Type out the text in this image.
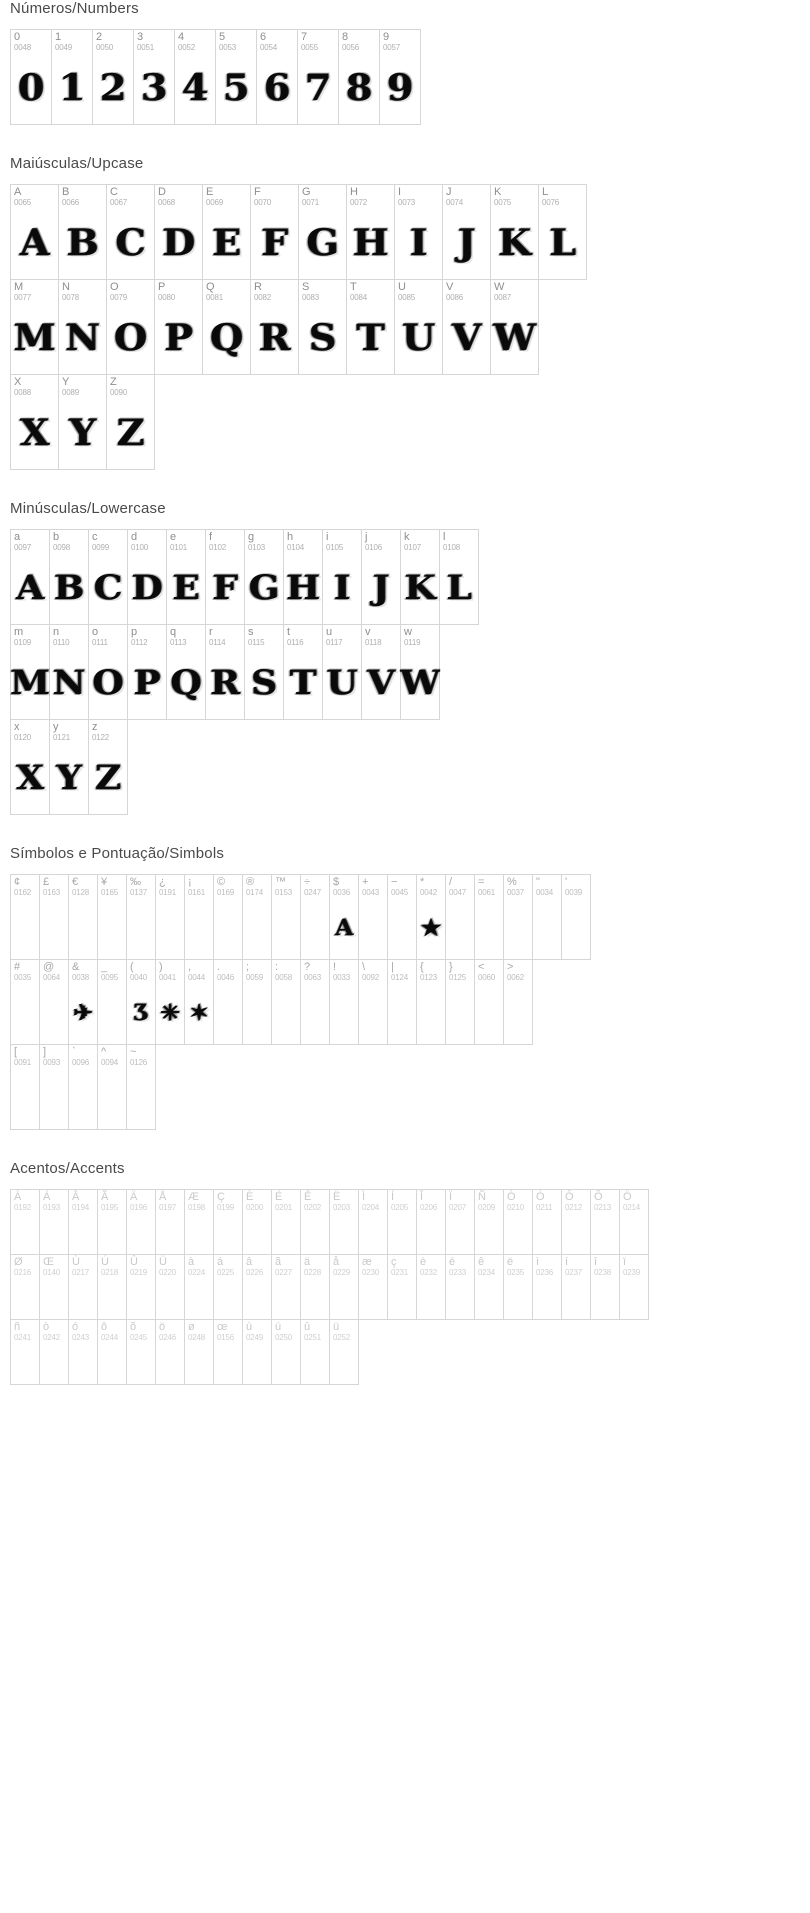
Números/Numbers
0
0048
0
1
0049
1
2
0050
2
3
0051
3
4
0052
4
5
0053
5
6
0054
6
7
0055
7
8
0056
8
9
0057
9
Maiúsculas/Upcase
A
0065
A
B
0066
B
C
0067
C
D
0068
D
E
0069
E
F
0070
F
G
0071
G
H
0072
H
I
0073
I
J
0074
J
K
0075
K
L
0076
L
M
0077
M
N
0078
N
O
0079
O
P
0080
P
Q
0081
Q
R
0082
R
S
0083
S
T
0084
T
U
0085
U
V
0086
V
W
0087
W
X
0088
X
Y
0089
Y
Z
0090
Z
Minúsculas/Lowercase
a
0097
A
b
0098
B
c
0099
C
d
0100
D
e
0101
E
f
0102
F
g
0103
G
h
0104
H
i
0105
I
j
0106
J
k
0107
K
l
0108
L
m
0109
M
n
0110
N
o
0111
O
p
0112
P
q
0113
Q
r
0114
R
s
0115
S
t
0116
T
u
0117
U
v
0118
V
w
0119
W
x
0120
X
y
0121
Y
z
0122
Z
Símbolos e Pontuação/Simbols
¢
0162
£
0163
€
0128
¥
0165
‰
0137
¿
0191
¡
0161
©
0169
®
0174
™
0153
÷
0247
$
0036
A
+
0043
−
0045
*
0042
★
/
0047
=
0061
%
0037
"
0034
'
0039
#
0035
@
0064
&
0038
✈
_
0095
(
0040
Ʒ
)
0041
✳
,
0044
✶
.
0046
;
0059
:
0058
?
0063
!
0033
\
0092
|
0124
{
0123
}
0125
<
0060
>
0062
[
0091
]
0093
`
0096
^
0094
~
0126
Acentos/Accents
À
0192
Á
0193
Â
0194
Ã
0195
Ä
0196
Å
0197
Æ
0198
Ç
0199
È
0200
É
0201
Ê
0202
Ë
0203
Ì
0204
Í
0205
Î
0206
Ï
0207
Ñ
0209
Ò
0210
Ó
0211
Ô
0212
Õ
0213
Ö
0214
Ø
0216
Œ
0140
Ù
0217
Ú
0218
Û
0219
Ü
0220
à
0224
á
0225
â
0226
ã
0227
ä
0228
å
0229
æ
0230
ç
0231
è
0232
é
0233
ê
0234
ë
0235
ì
0236
í
0237
î
0238
ï
0239
ñ
0241
ò
0242
ó
0243
ô
0244
õ
0245
ö
0246
ø
0248
œ
0156
ù
0249
ú
0250
û
0251
ü
0252
